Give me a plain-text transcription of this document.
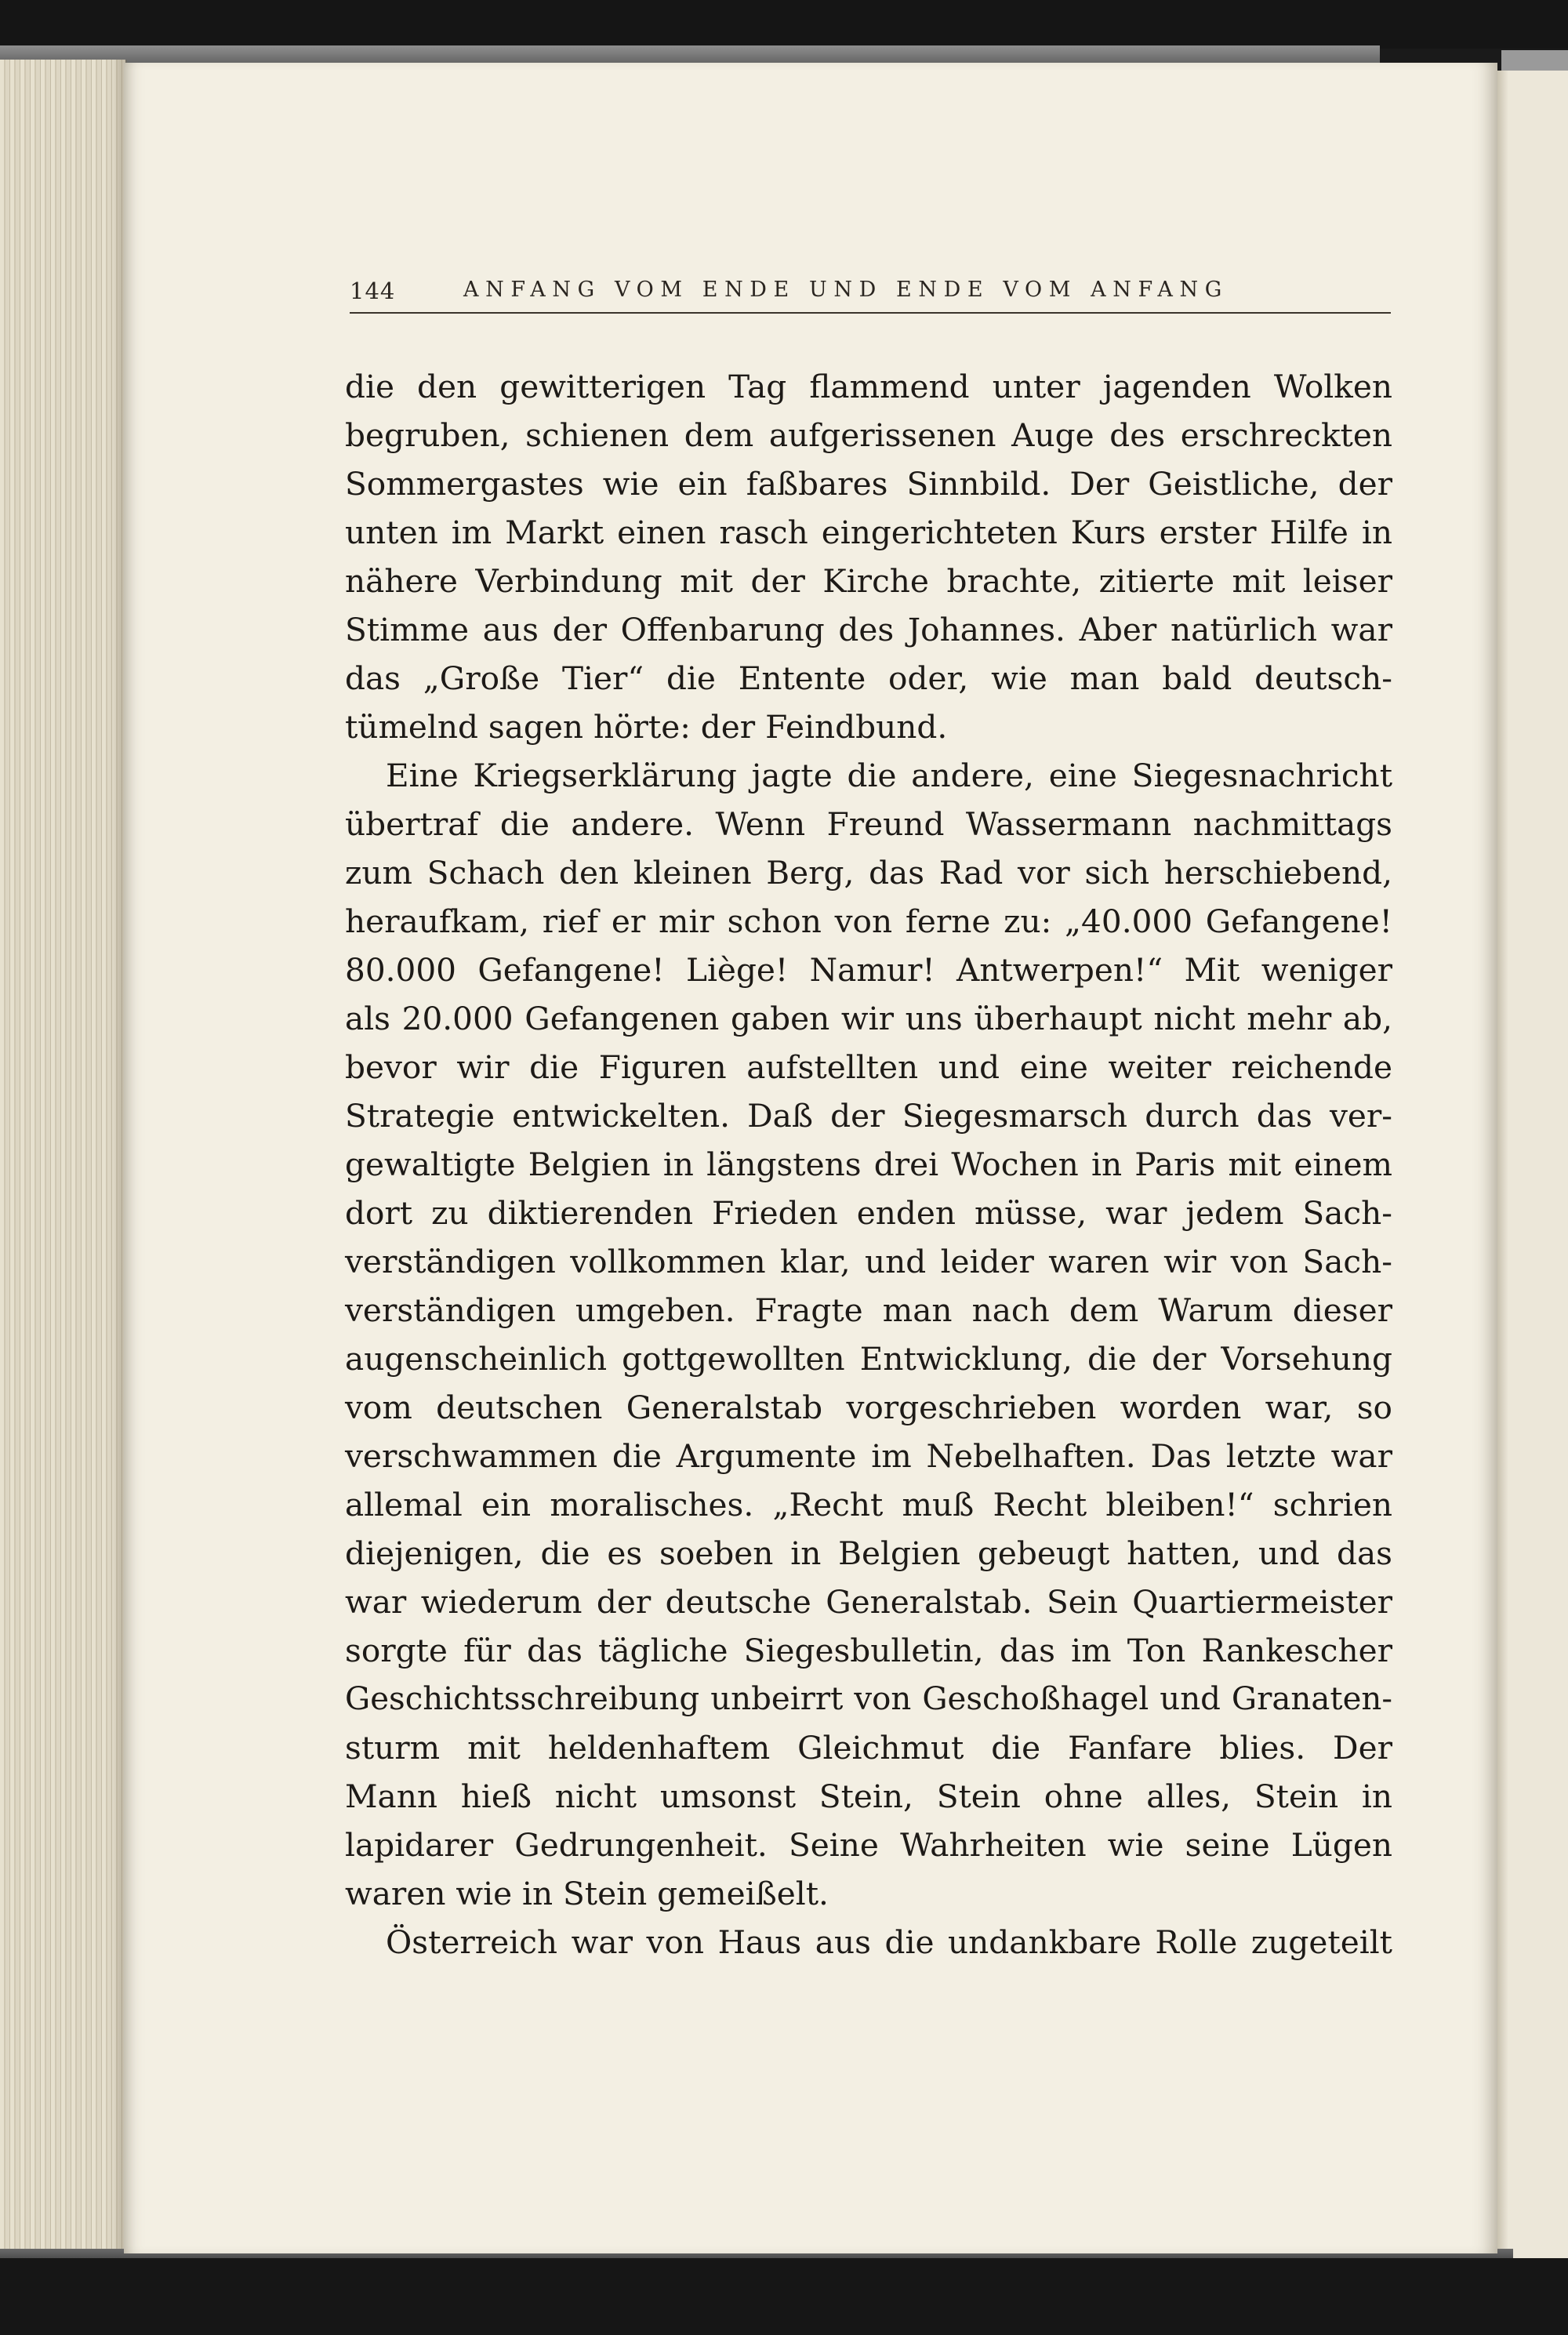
144	ANFANG VOM ENDE UND ENDE VOM ANFANG
die den gewitterigen Tag flammend unter jagenden Wolken
begruben, schienen dem aufgerissenen Auge des erschreckten
Sommergastes wie ein faßbares Sinnbild. Der Geistliche, der
unten im Markt einen rasch eingerichteten Kurs erster Hilfe in
nähere Verbindung mit der Kirche brachte, zitierte mit leiser
Stimme aus der Offenbarung des Johannes. Aber natürlich war
das „Große Tier“ die Entente oder, wie man bald deutsch-
tümelnd sagen hörte: der Feindbund.
Eine Kriegserklärung jagte die andere, eine Siegesnachricht
übertraf die andere. Wenn Freund Wassermann nachmittags
zum Schach den kleinen Berg, das Rad vor sich herschiebend,
heraufkam, rief er mir schon von ferne zu: „40.000 Gefangene!
80.000 Gefangene! Liège! Namur! Antwerpen!“ Mit weniger
als 20.000 Gefangenen gaben wir uns überhaupt nicht mehr ab,
bevor wir die Figuren aufstellten und eine weiter reichende
Strategie entwickelten. Daß der Siegesmarsch durch das ver-
gewaltigte Belgien in längstens drei Wochen in Paris mit einem
dort zu diktierenden Frieden enden müsse, war jedem Sach-
verständigen vollkommen klar, und leider waren wir von Sach-
verständigen umgeben. Fragte man nach dem Warum dieser
augenscheinlich gottgewollten Entwicklung, die der Vorsehung
vom deutschen Generalstab vorgeschrieben worden war, so
verschwammen die Argumente im Nebelhaften. Das letzte war
allemal ein moralisches. „Recht muß Recht bleiben!“ schrien
diejenigen, die es soeben in Belgien gebeugt hatten, und das
war wiederum der deutsche Generalstab. Sein Quartiermeister
sorgte für das tägliche Siegesbulletin, das im Ton Rankescher
Geschichtsschreibung unbeirrt von Geschoßhagel und Granaten-
sturm mit heldenhaftem Gleichmut die Fanfare blies. Der
Mann hieß nicht umsonst Stein, Stein ohne alles, Stein in
lapidarer Gedrungenheit. Seine Wahrheiten wie seine Lügen
waren wie in Stein gemeißelt.
Österreich war von Haus aus die undankbare Rolle zugeteilt
